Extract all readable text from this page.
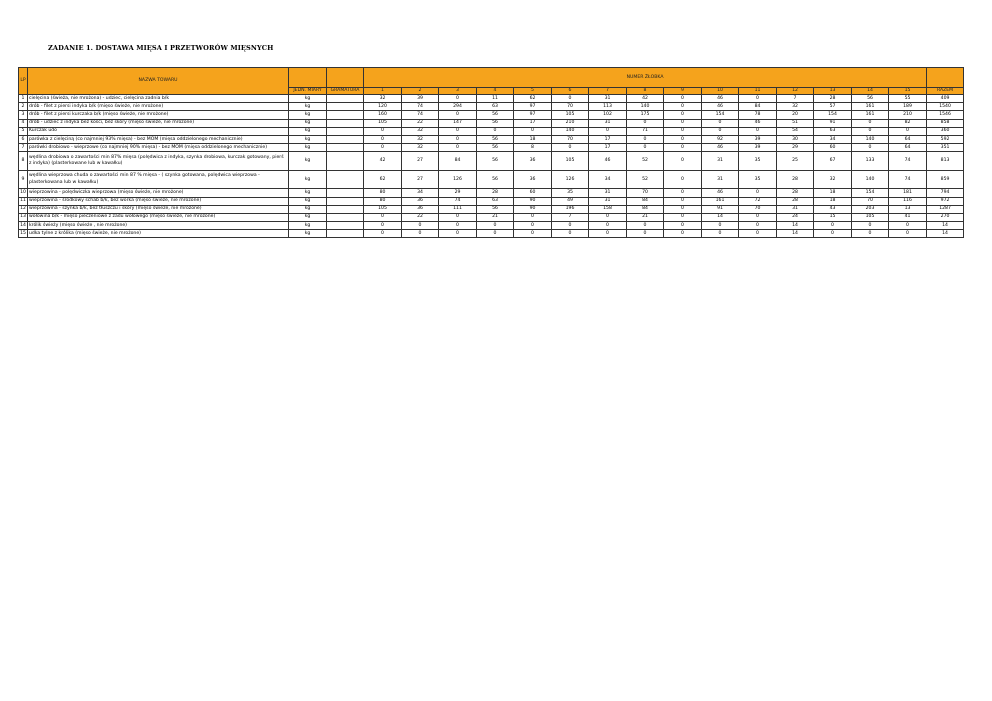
ZADANIE 1. DOSTAWA MIĘSA I PRZETWORÓW MIĘSNYCH
LP	NAZWA TOWARU			NUMER ŻŁOBKA															
		JEDN. MIARY	GRAMATURA	1	2	3	4	5	6	7	8	9	10	11	12	13	14	15	RAZEM
1	cielęcina (świeża, nie mrożona) - udziec, cielęcina zadnia b/k	kg		32	39	0	11	62	0	31	42	0	46	0	7	28	56	55	409
2	drób - filet z piersi indyka b/k (mięso świeże, nie mrożone)	kg		120	74	294	63	97	70	113	140	0	46	84	32	57	161	189	1540
3	drób - filet z piersi kurczaka b/k (mięso świeże, nie mrożone)	kg		160	74	0	56	97	105	102	175	0	154	78	20	154	161	210	1546
4	drób - udziec z indyka bez kości, bez skóry (mięso świeże, nie mrożone)	kg		105	22	147	56	17	210	31	0	0	0	46	51	91	0	82	858
5	Kurczak udo	kg		0	32	0	0	0	140	0	71	0	0	0	54	63	0	0	360
6	parówka z cielęciną (co najmniej 93% mięsa) - bez MOM (mięsa oddzielonego mechanicznie)	kg		0	32	0	56	18	70	17	0	0	92	39	30	34	140	64	592
7	parówki drobiowo - wieprzowe (co najmniej 90% mięsa) - bez MOM (mięsa oddzielonego mechanicznie)	kg		0	32	0	56	8	0	17	0	0	46	39	29	60	0	64	351
8	wędlina drobiowa o zawartości min 87% mięsa (polędwica z indyka, szynka drobiowa, kurczak gotowany, pierś z indyka) (plasterkowane lub w kawałku)	kg		42	27	84	56	36	105	46	52	0	31	35	25	67	133	74	813
9	wędlina wieprzowa chuda o zawartości min 87 % mięsa - ( szynka gotowana, polędwica wieprzowa - plasterkowana lub w kawałku)	kg		62	27	126	56	36	126	34	52	0	31	35	28	32	140	74	859
10	wieprzowina - polędwiczka wieprzowa (mięso świeże, nie mrożone)	kg		80	34	29	28	60	35	31	70	0	46	0	28	18	154	181	794
11	wieprzowina - środkowy schab b/k, bez worka (mięso świeże, nie mrożone)	kg		80	36	74	63	90	49	31	84	0	161	72	28	18	70	116	972
12	wieprzowina - szynka b/k, bez tłuszczu i skóry (mięso świeże, nie mrożone)	kg		105	36	111	56	90	196	158	84	0	91	70	31	43	203	13	1287
13	wołowina b/k - mięso pieczeniowe z zadu wołowego (mięso świeże, nie mrożone)	kg		0	22	0	21	0	7	0	21	0	14	0	24	15	105	41	270
14	królik świeży (mięso świeże , nie mrożone)	kg		0	0	0	0	0	0	0	0	0	0	0	14	0	0	0	14
15	udka tylne z królika (mięso świeże, nie mrożone)	kg		0	0	0	0	0	0	0	0	0	0	0	14	0	0	0	14
